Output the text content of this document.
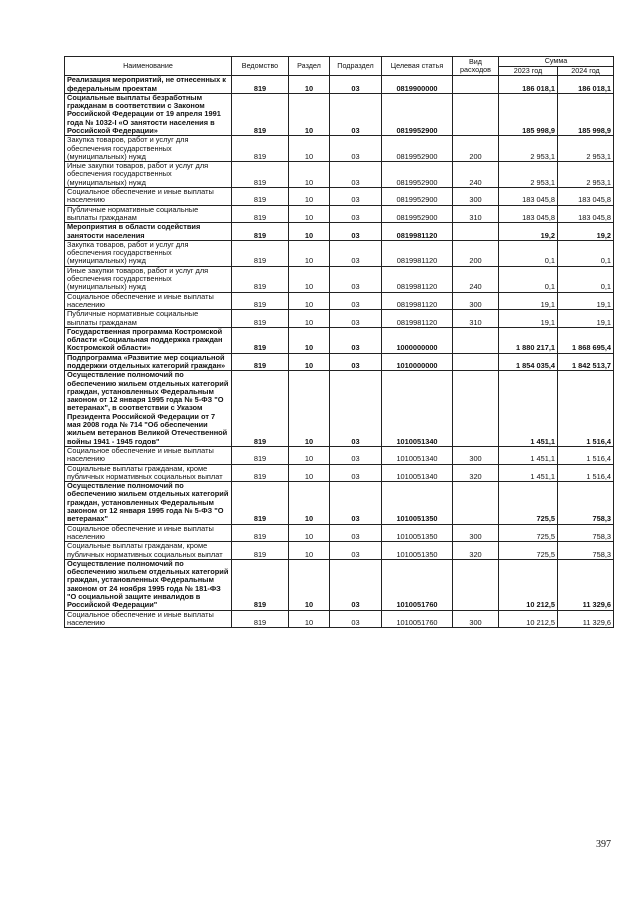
Наименование	Ведомство	Раздел	Подраздел	Целевая статья	Вид расходов	Сумма	
						2023 год	2024 год
Реализация мероприятий, не отнесенных к федеральным проектам	819	10	03	0819900000		186 018,1	186 018,1
Социальные выплаты безработным гражданам в соответствии с Законом Российской Федерации от 19 апреля 1991 года № 1032-I «О занятости населения в Российской Федерации»	819	10	03	0819952900		185 998,9	185 998,9
Закупка товаров, работ и услуг для обеспечения государственных (муниципальных) нужд	819	10	03	0819952900	200	2 953,1	2 953,1
Иные закупки товаров, работ и услуг для обеспечения государственных (муниципальных) нужд	819	10	03	0819952900	240	2 953,1	2 953,1
Социальное обеспечение и иные выплаты населению	819	10	03	0819952900	300	183 045,8	183 045,8
Публичные нормативные социальные выплаты гражданам	819	10	03	0819952900	310	183 045,8	183 045,8
Мероприятия в области содействия занятости населения	819	10	03	0819981120		19,2	19,2
Закупка товаров, работ и услуг для обеспечения государственных (муниципальных) нужд	819	10	03	0819981120	200	0,1	0,1
Иные закупки товаров, работ и услуг для обеспечения государственных (муниципальных) нужд	819	10	03	0819981120	240	0,1	0,1
Социальное обеспечение и иные выплаты населению	819	10	03	0819981120	300	19,1	19,1
Публичные нормативные социальные выплаты гражданам	819	10	03	0819981120	310	19,1	19,1
Государственная программа Костромской области «Социальная поддержка граждан Костромской области»	819	10	03	1000000000		1 880 217,1	1 868 695,4
Подпрограмма «Развитие мер социальной поддержки отдельных категорий граждан»	819	10	03	1010000000		1 854 035,4	1 842 513,7
Осуществление полномочий по обеспечению жильем отдельных категорий граждан, установленных Федеральным законом от 12 января 1995 года № 5-ФЗ "О ветеранах", в соответствии с Указом Президента Российской Федерации от 7 мая 2008 года № 714 "Об обеспечении жильем ветеранов Великой Отечественной войны 1941 - 1945 годов"	819	10	03	1010051340		1 451,1	1 516,4
Социальное обеспечение и иные выплаты населению	819	10	03	1010051340	300	1 451,1	1 516,4
Социальные выплаты гражданам, кроме публичных нормативных социальных выплат	819	10	03	1010051340	320	1 451,1	1 516,4
Осуществление полномочий по обеспечению жильем отдельных категорий граждан, установленных Федеральным законом от 12 января 1995 года № 5-ФЗ "О ветеранах"	819	10	03	1010051350		725,5	758,3
Социальное обеспечение и иные выплаты населению	819	10	03	1010051350	300	725,5	758,3
Социальные выплаты гражданам, кроме публичных нормативных социальных выплат	819	10	03	1010051350	320	725,5	758,3
Осуществление полномочий по обеспечению жильем отдельных категорий граждан, установленных Федеральным законом от 24 ноября 1995 года № 181-ФЗ "О социальной защите инвалидов в Российской Федерации"	819	10	03	1010051760		10 212,5	11 329,6
Социальное обеспечение и иные выплаты населению	819	10	03	1010051760	300	10 212,5	11 329,6
397
